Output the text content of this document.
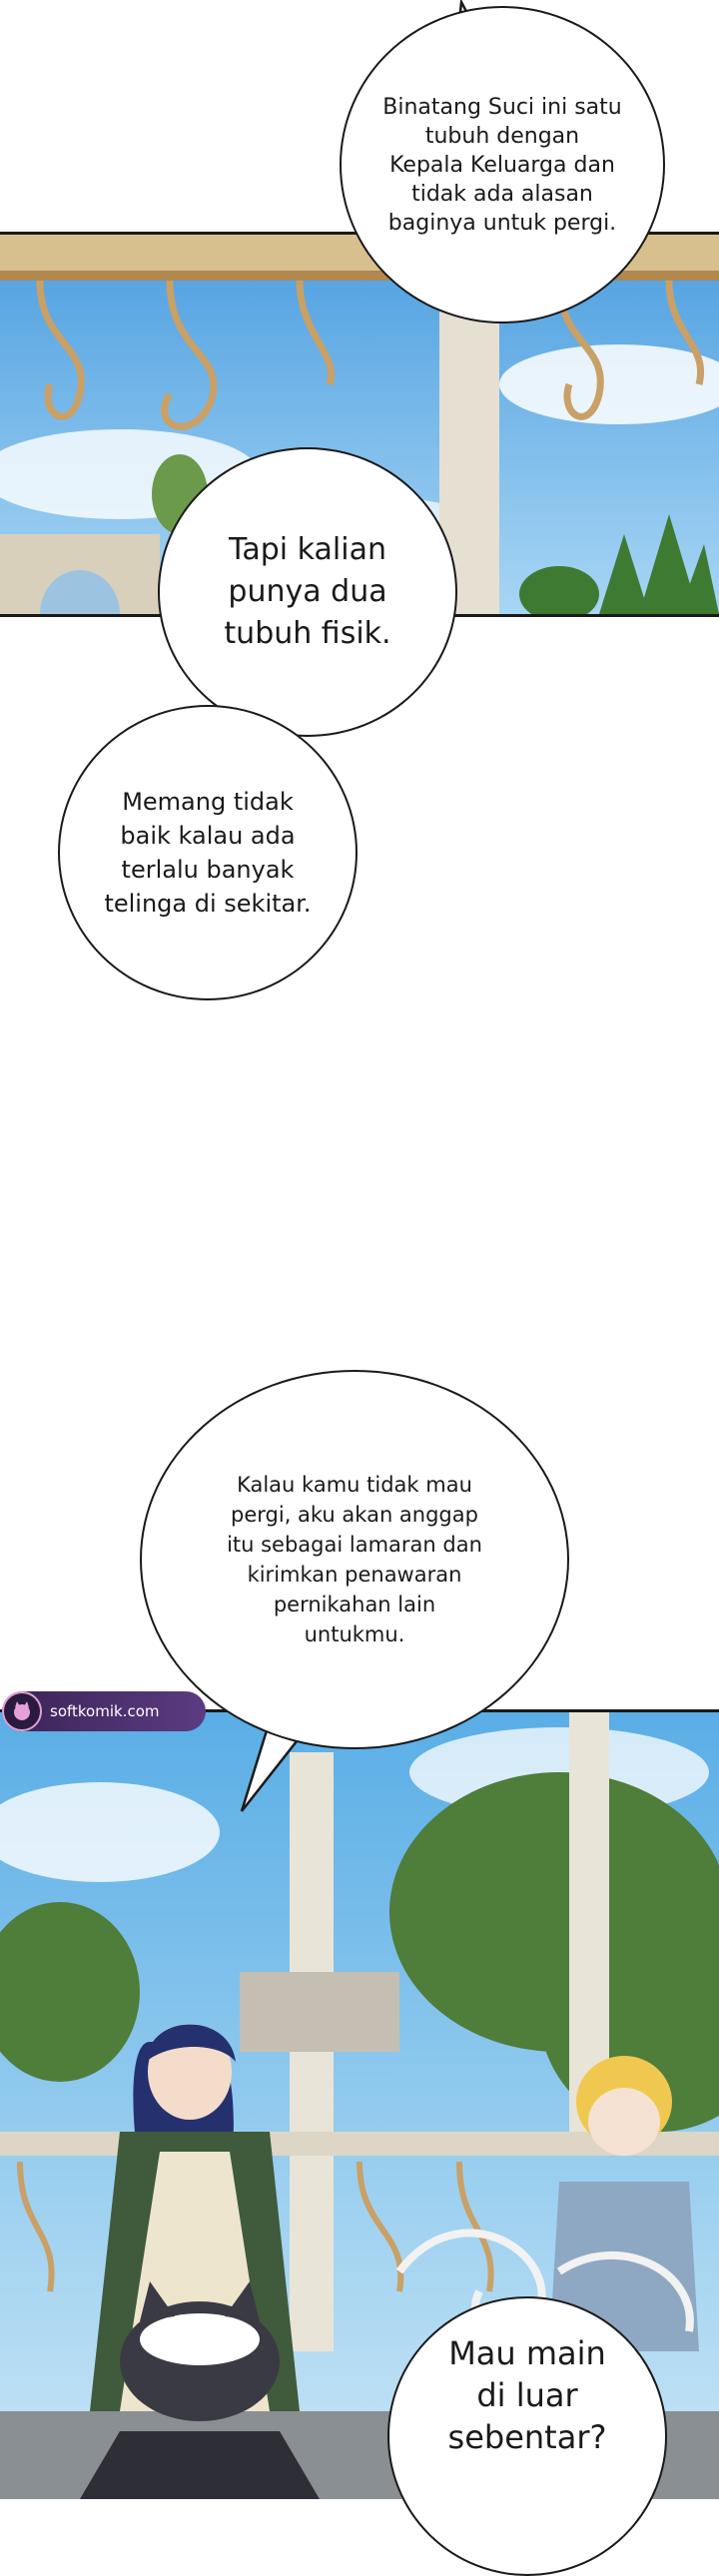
Binatang Suci ini satu
tubuh dengan
Kepala Keluarga dan
tidak ada alasan
baginya untuk pergi.
Tapi kalian
punya dua
tubuh fisik.
Memang tidak
baik kalau ada
terlalu banyak
telinga di sekitar.
Kalau kamu tidak mau
pergi, aku akan anggap
itu sebagai lamaran dan
kirimkan penawaran
pernikahan lain
untukmu.
Mau main
di luar
sebentar?
softkomik.com
